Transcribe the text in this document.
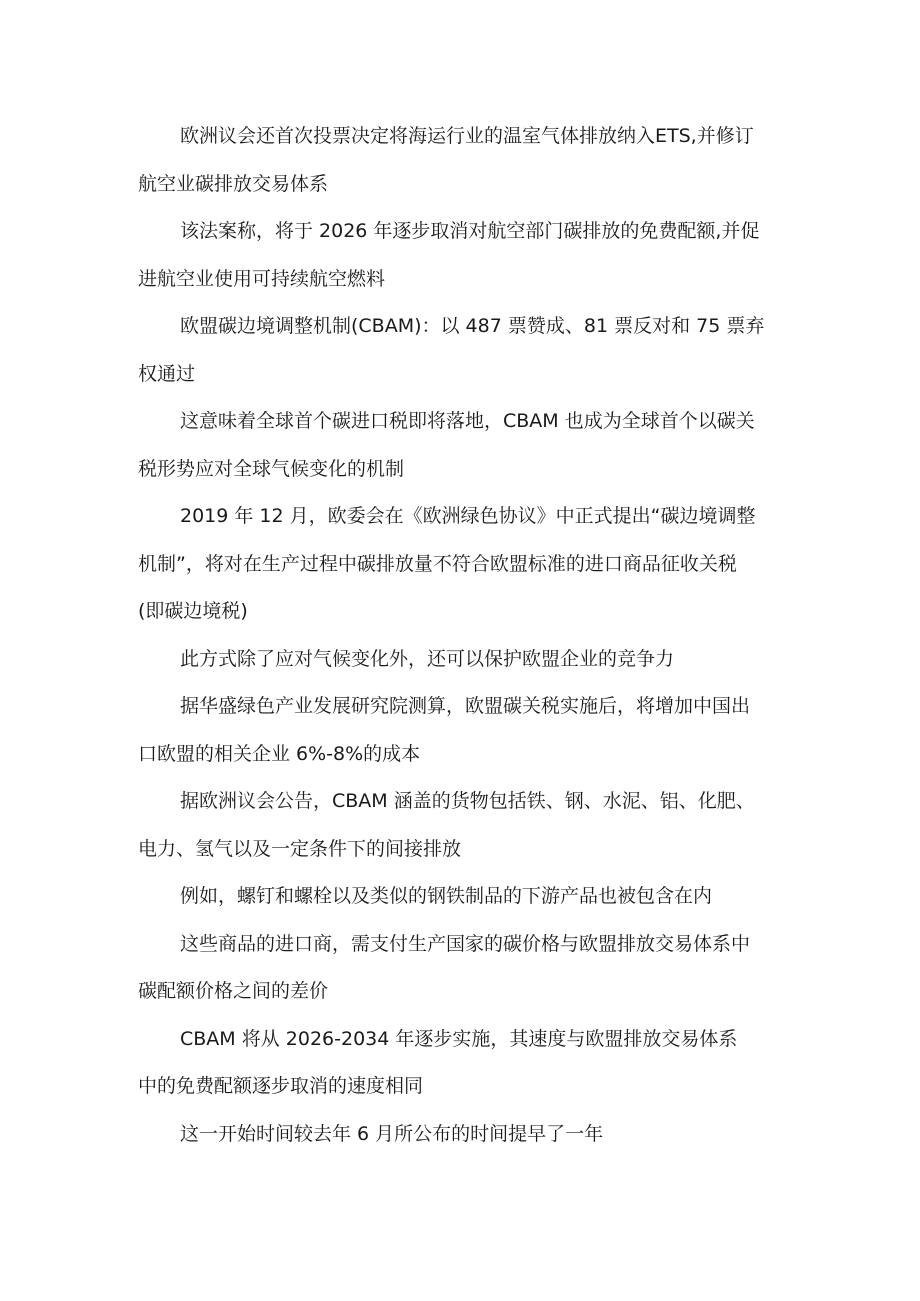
欧洲议会还首次投票决定将海运行业的温室气体排放纳入ETS,并修订
航空业碳排放交易体系
该法案称，将于 2026 年逐步取消对航空部门碳排放的免费配额,并促
进航空业使用可持续航空燃料
欧盟碳边境调整机制(CBAM)：以 487 票赞成、81 票反对和 75 票弃
权通过
这意味着全球首个碳进口税即将落地，CBAM 也成为全球首个以碳关
税形势应对全球气候变化的机制
2019 年 12 月，欧委会在《欧洲绿色协议》中正式提出“碳边境调整
机制”，将对在生产过程中碳排放量不符合欧盟标准的进口商品征收关税
(即碳边境税)
此方式除了应对气候变化外，还可以保护欧盟企业的竞争力
据华盛绿色产业发展研究院测算，欧盟碳关税实施后，将增加中国出
口欧盟的相关企业 6%-8%的成本
据欧洲议会公告，CBAM 涵盖的货物包括铁、钢、水泥、铝、化肥、
电力、氢气以及一定条件下的间接排放
例如，螺钉和螺栓以及类似的钢铁制品的下游产品也被包含在内
这些商品的进口商，需支付生产国家的碳价格与欧盟排放交易体系中
碳配额价格之间的差价
CBAM 将从 2026-2034 年逐步实施，其速度与欧盟排放交易体系
中的免费配额逐步取消的速度相同
这一开始时间较去年 6 月所公布的时间提早了一年
